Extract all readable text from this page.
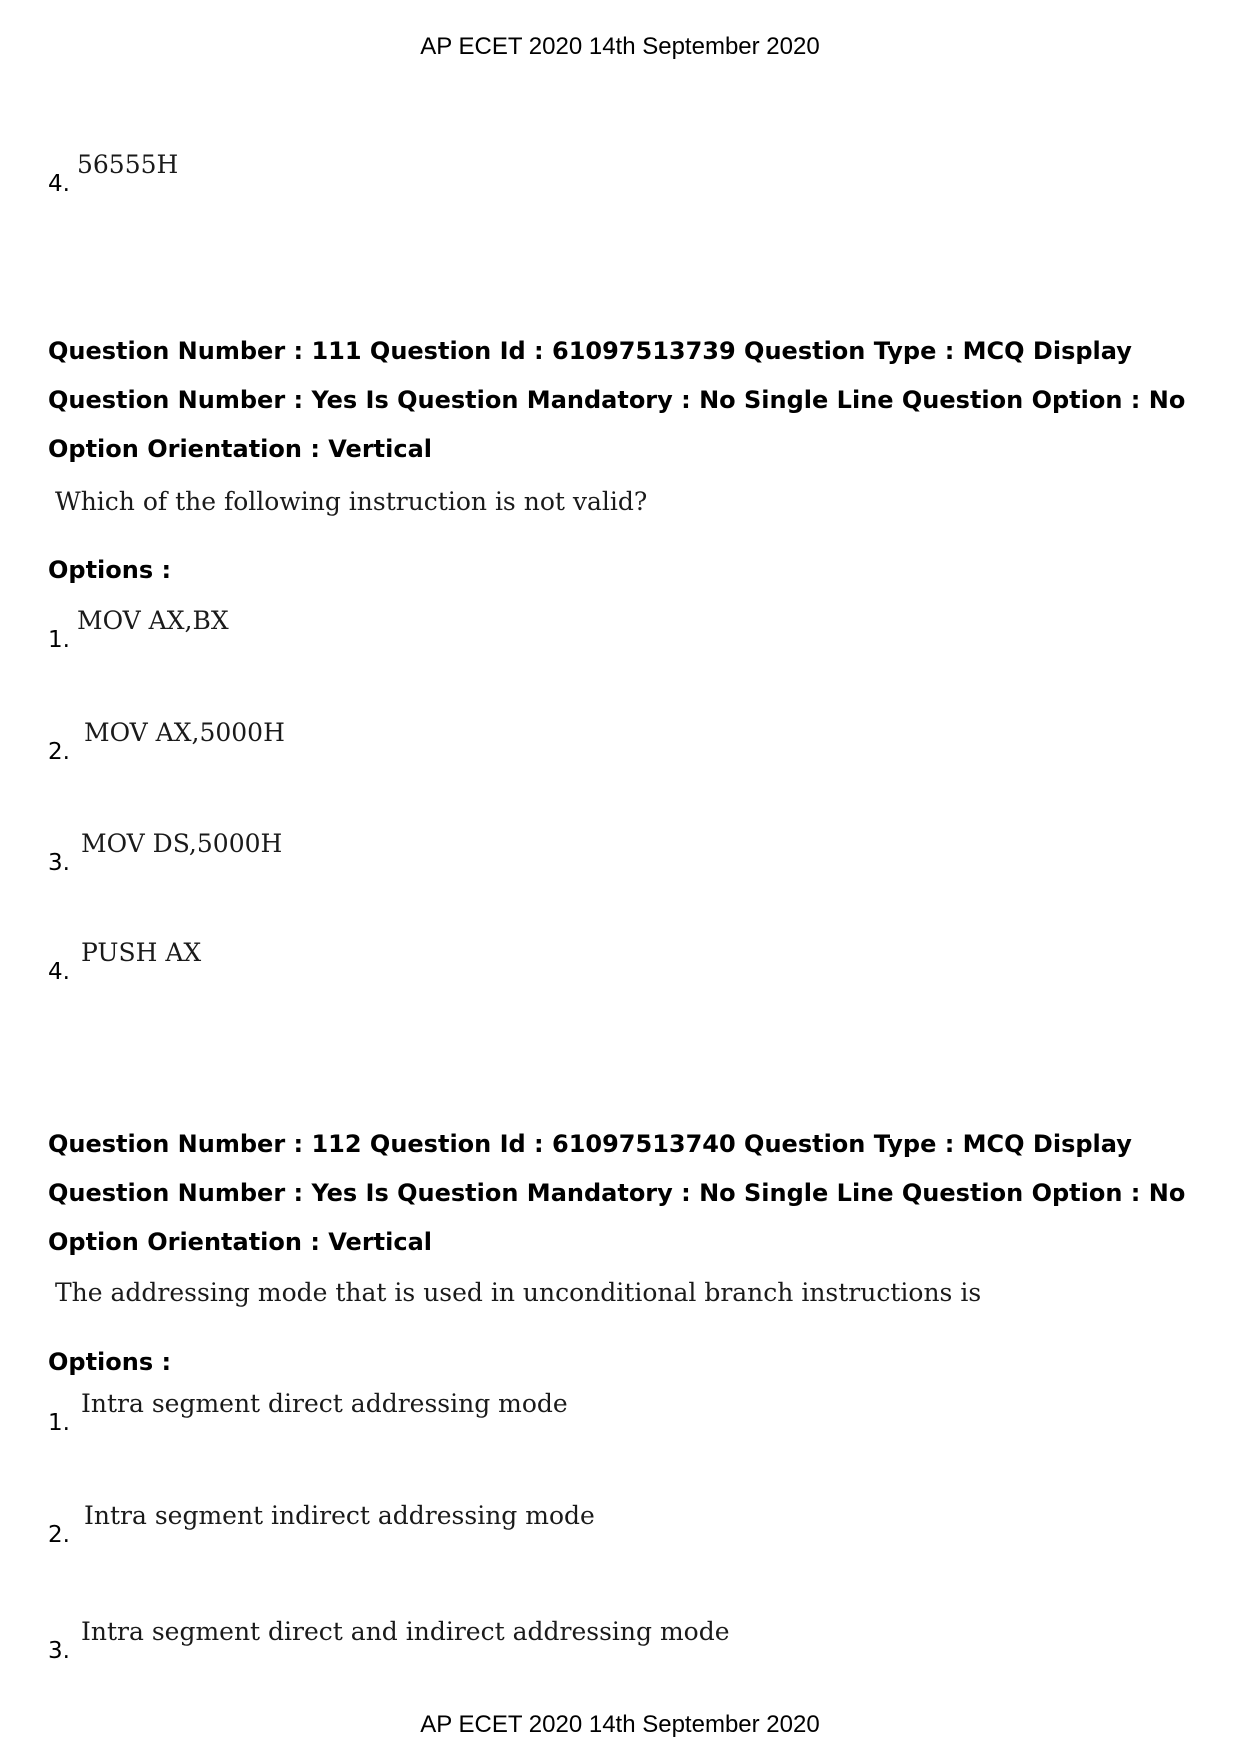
AP ECET 2020 14th September 2020
4.
56555H
Question Number : 111 Question Id : 61097513739 Question Type : MCQ Display Question Number : Yes Is Question Mandatory : No Single Line Question Option : No Option Orientation : Vertical
Which of the following instruction is not valid?
Options :
1.
MOV AX,BX
2.
MOV AX,5000H
3.
MOV DS,5000H
4.
PUSH AX
Question Number : 112 Question Id : 61097513740 Question Type : MCQ Display Question Number : Yes Is Question Mandatory : No Single Line Question Option : No Option Orientation : Vertical
The addressing mode that is used in unconditional branch instructions is
Options :
1.
Intra segment direct addressing mode
2.
Intra segment indirect addressing mode
3.
Intra segment direct and indirect addressing mode
AP ECET 2020 14th September 2020
